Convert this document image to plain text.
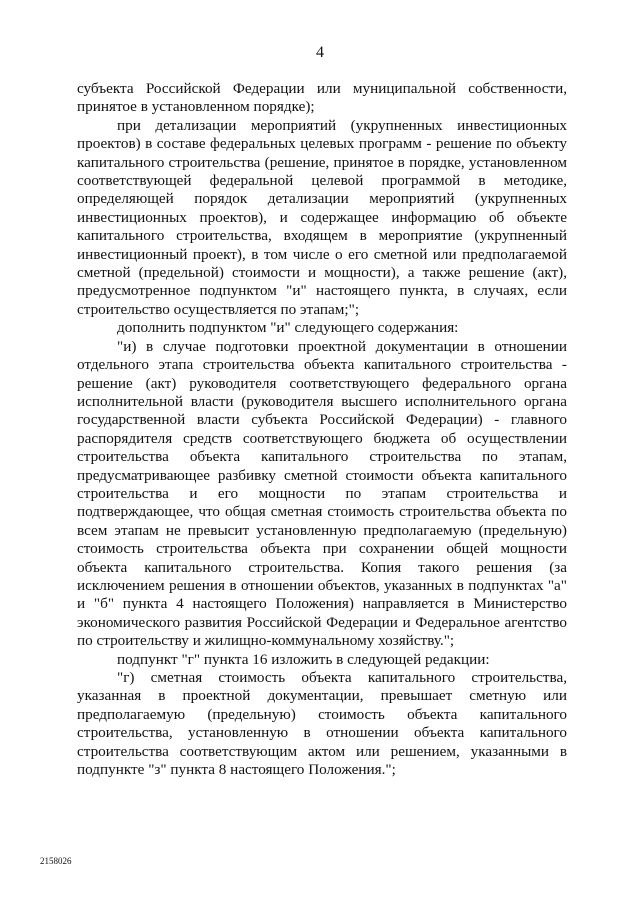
4

субъекта Российской Федерации или муниципальной собственности, принятое в установленном порядке);

при детализации мероприятий (укрупненных инвестиционных проектов) в составе федеральных целевых программ - решение по объекту капитального строительства (решение, принятое в порядке, установленном соответствующей федеральной целевой программой в методике, определяющей порядок детализации мероприятий (укрупненных инвестиционных проектов), и содержащее информацию об объекте капитального строительства, входящем в мероприятие (укрупненный инвестиционный проект), в том числе о его сметной или предполагаемой сметной (предельной) стоимости и мощности), а также решение (акт), предусмотренное подпунктом "и" настоящего пункта, в случаях, если строительство осуществляется по этапам;";

дополнить подпунктом "и" следующего содержания:

"и) в случае подготовки проектной документации в отношении отдельного этапа строительства объекта капитального строительства - решение (акт) руководителя соответствующего федерального органа исполнительной власти (руководителя высшего исполнительного органа государственной власти субъекта Российской Федерации) - главного распорядителя средств соответствующего бюджета об осуществлении строительства объекта капитального строительства по этапам, предусматривающее разбивку сметной стоимости объекта капитального строительства и его мощности по этапам строительства и подтверждающее, что общая сметная стоимость строительства объекта по всем этапам не превысит установленную предполагаемую (предельную) стоимость строительства объекта при сохранении общей мощности объекта капитального строительства. Копия такого решения (за исключением решения в отношении объектов, указанных в подпунктах "а" и "б" пункта 4 настоящего Положения) направляется в Министерство экономического развития Российской Федерации и Федеральное агентство по строительству и жилищно-коммунальному хозяйству.";

подпункт "г" пункта 16 изложить в следующей редакции:

"г) сметная стоимость объекта капитального строительства, указанная в проектной документации, превышает сметную или предполагаемую (предельную) стоимость объекта капитального строительства, установленную в отношении объекта капитального строительства соответствующим актом или решением, указанными в подпункте "з" пункта 8 настоящего Положения.";

2158026
